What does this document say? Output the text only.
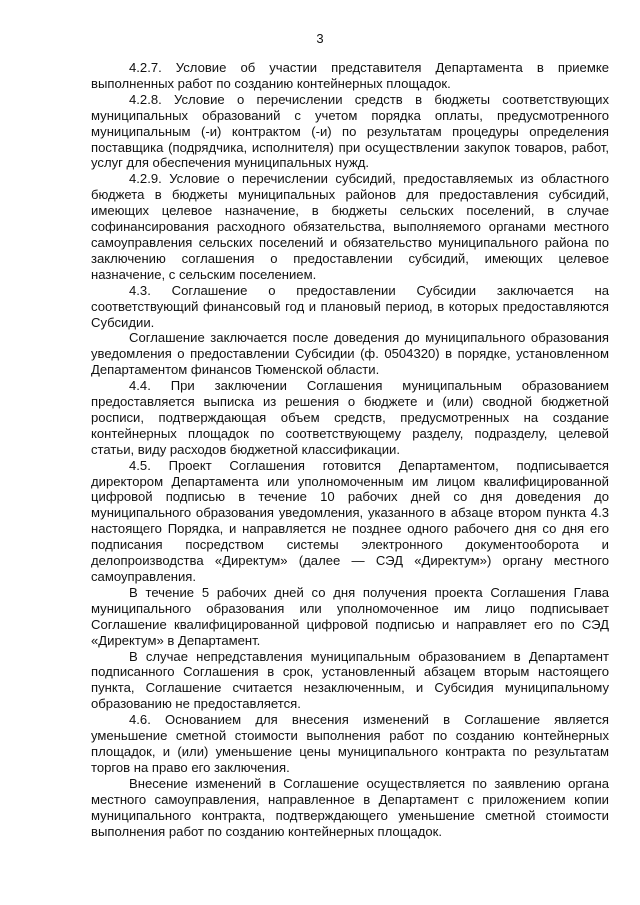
3

4.2.7. Условие об участии представителя Департамента в приемке выполненных работ по созданию контейнерных площадок.

4.2.8. Условие о перечислении средств в бюджеты соответствующих муниципальных образований с учетом порядка оплаты, предусмотренного муниципальным (-и) контрактом (-и) по результатам процедуры определения поставщика (подрядчика, исполнителя) при осуществлении закупок товаров, работ, услуг для обеспечения муниципальных нужд.

4.2.9. Условие о перечислении субсидий, предоставляемых из областного бюджета в бюджеты муниципальных районов для предоставления субсидий, имеющих целевое назначение, в бюджеты сельских поселений, в случае софинансирования расходного обязательства, выполняемого органами местного самоуправления сельских поселений и обязательство муниципального района по заключению соглашения о предоставлении субсидий, имеющих целевое назначение, с сельским поселением.

4.3. Соглашение о предоставлении Субсидии заключается на соответствующий финансовый год и плановый период, в которых предоставляются Субсидии.

Соглашение заключается после доведения до муниципального образования уведомления о предоставлении Субсидии (ф. 0504320) в порядке, установленном Департаментом финансов Тюменской области.

4.4. При заключении Соглашения муниципальным образованием предоставляется выписка из решения о бюджете и (или) сводной бюджетной росписи, подтверждающая объем средств, предусмотренных на создание контейнерных площадок по соответствующему разделу, подразделу, целевой статьи, виду расходов бюджетной классификации.

4.5. Проект Соглашения готовится Департаментом, подписывается директором Департамента или уполномоченным им лицом квалифицированной цифровой подписью в течение 10 рабочих дней со дня доведения до муниципального образования уведомления, указанного в абзаце втором пункта 4.3 настоящего Порядка, и направляется не позднее одного рабочего дня со дня его подписания посредством системы электронного документооборота и делопроизводства «Директум» (далее — СЭД «Директум») органу местного самоуправления.

В течение 5 рабочих дней со дня получения проекта Соглашения Глава муниципального образования или уполномоченное им лицо подписывает Соглашение квалифицированной цифровой подписью и направляет его по СЭД «Директум» в Департамент.

В случае непредставления муниципальным образованием в Департамент подписанного Соглашения в срок, установленный абзацем вторым настоящего пункта, Соглашение считается незаключенным, и Субсидия муниципальному образованию не предоставляется.

4.6. Основанием для внесения изменений в Соглашение является уменьшение сметной стоимости выполнения работ по созданию контейнерных площадок, и (или) уменьшение цены муниципального контракта по результатам торгов на право его заключения.

Внесение изменений в Соглашение осуществляется по заявлению органа местного самоуправления, направленное в Департамент с приложением копии муниципального контракта, подтверждающего уменьшение сметной стоимости выполнения работ по созданию контейнерных площадок.
